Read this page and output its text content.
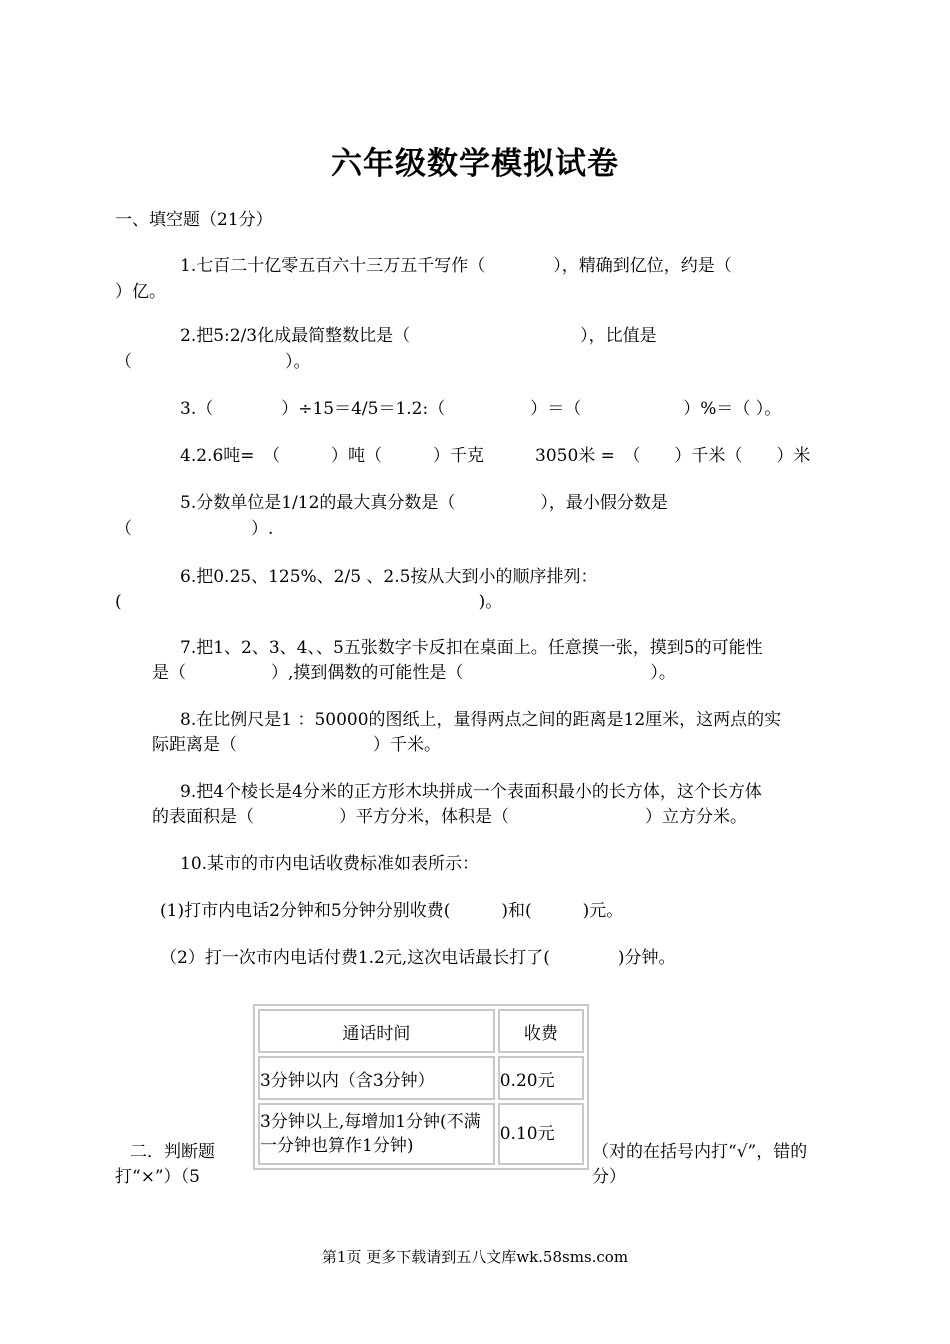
六年级数学模拟试卷
一、填空题（21分）
1.七百二十亿零五百六十三万五千写作（　　　　），精确到亿位，约是（
）亿。
2.把5:2/3化成最简整数比是（　　　　　　　　　　），比值是
（　　　　　　　　　）。
3.（　　　　）÷15＝4/5＝1.2:（　　　　　）＝（　　　　　　）%＝（ ）。
4.2.6吨=　（　　　）吨（　　　）千克　　　3050米 =　（　　）千米（　　）米
5.分数单位是1/12的最大真分数是（　　　　　），最小假分数是
（　　　　　　　）.
6.把0.25、125%、2/5 、2.5按从大到小的顺序排列：
(　　　　　　　　　　　　　　　　　　　　　)。
7.把1、2、3、4、、5五张数字卡反扣在桌面上。任意摸一张，摸到5的可能性
是（　　　　　）,摸到偶数的可能性是（　　　　　　　　　　　）。
8.在比例尺是1 ：50000的图纸上，量得两点之间的距离是12厘米，这两点的实
际距离是（　　　　　　　　）千米。
9.把4个棱长是4分米的正方形木块拼成一个表面积最小的长方体，这个长方体
的表面积是（　　　　　）平方分米，体积是（　　　　　　　　）立方分米。
10.某市的市内电话收费标准如表所示：
(1)打市内电话2分钟和5分钟分别收费(　　　)和(　　　)元。
（2）打一次市内电话付费1.2元,这次电话最长打了(　　　　)分钟。
通话时间	收费
3分钟以内（含3分钟）	0.20元
3分钟以上,每增加1分钟(不满一分钟也算作1分钟)	0.10元
二．判断题
打“×”）（5
（对的在括号内打“√”，错的
分）
第1页 更多下载请到五八文库wk.58sms.com
